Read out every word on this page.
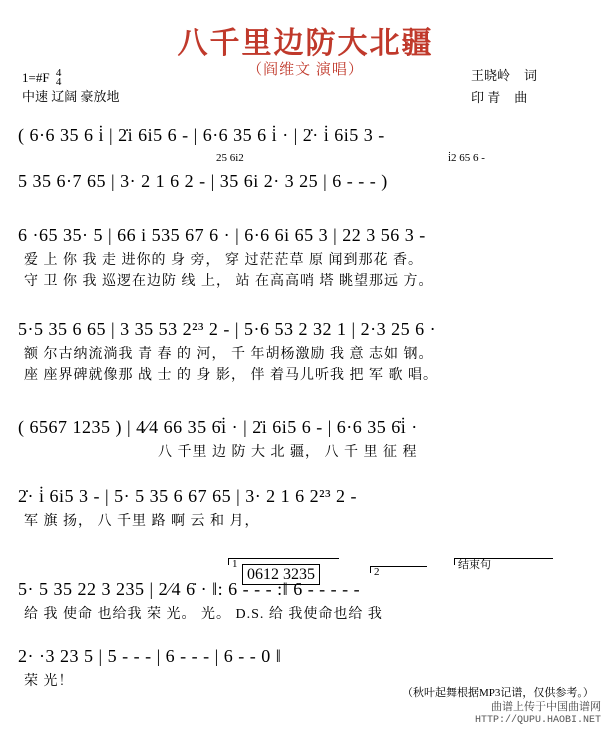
八千里边防大北疆
（阎维文 演唱）
1=#F 4
4
中速 辽阔 豪放地
王晓岭 词
印 青 曲
( 6·6 35 6 i̇ | 2̇i 6i5 6 - | 6·6 35 6 i̇ · | 2̇· i̇ 6i5 3 -
25 6i2	i̇2 65 6 -
5 35 6·7 65 | 3· 2 1 6 2 - | 35 6i 2· 3 25 | 6 - - - )
6 ·65 35· 5 | 66 i 535 67 6 · | 6·6 6i 65 3 | 22 3 56 3 -
爱 上 你 我 走 进你的 身 旁， 穿 过茫茫草 原 闻到那花 香。
守 卫 你 我 巡逻在边防 线 上， 站 在高高哨 塔 眺望那远 方。
5·5 35 6 65 | 3 35 53 2²³ 2 - | 5·6 53 2 32 1 | 2·3 25 6 ·
额 尔古纳流淌我 青 春 的 河， 千 年胡杨激励 我 意 志如 钢。
座 座界碑就像那 战 士 的 身 影， 伴 着马儿听我 把 军 歌 唱。
( 6567 1235 ) | 4⁄4 66 35 6̇i̇ · | 2̇i 6i5 6 - | 6·6 35 6̇i̇ ·
八 千里 边 防 大 北 疆， 八 千 里 征 程
2̇· i̇ 6i5 3 - | 5· 5 35 6 67 65 | 3· 2 1 6 2²³ 2 -
军 旗 扬， 八 千里 路 啊 云 和 月，
1
2
结束句
0612 3235
5· 5 35 22 3 235 | 2⁄4 6̇ · ‖: 6 - - - :‖ 6 - - - - -
给 我 使命 也给我 荣 光。 光。 D.S. 给 我使命也给 我
2· ·3 23 5 | 5 - - - | 6 - - - | 6 - - 0 ‖
荣 光！
（秋叶起舞根据MP3记谱，仅供参考。）
曲谱上传于中国曲谱网
HTTP://QUPU.HAOBI.NET
